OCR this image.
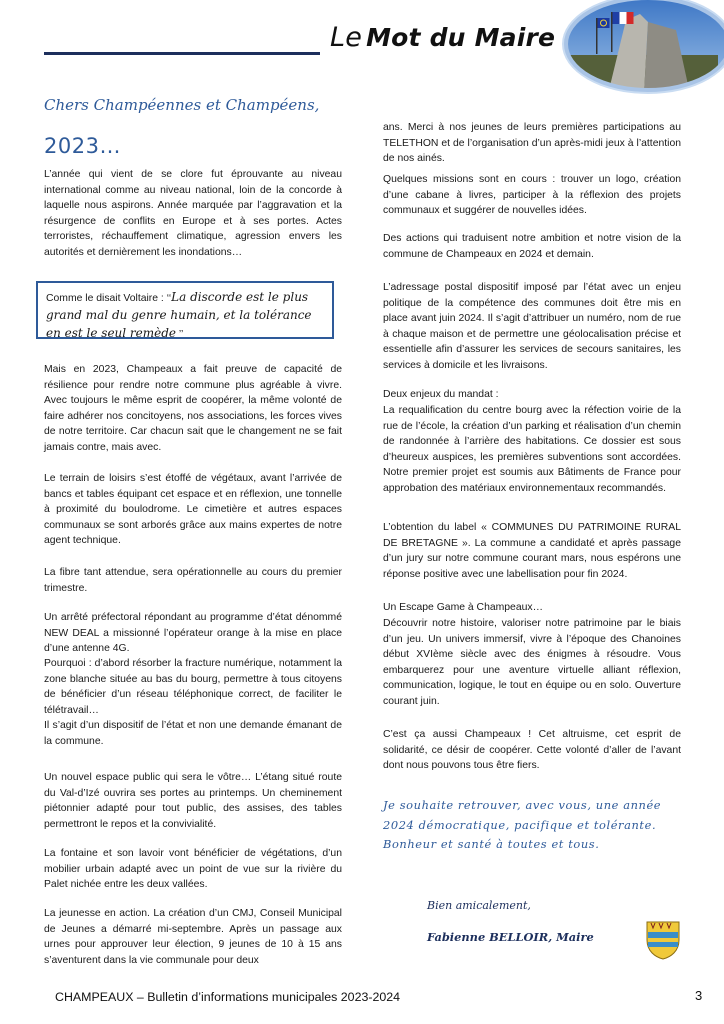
Le Mot du Maire
Chers Champéennes et Champéens,
2023…

L’année qui vient de se clore fut éprouvante au niveau international comme au niveau national, loin de la concorde à laquelle nous aspirons. Année marquée par l’aggravation et la résurgence de conflits en Europe et à ses portes. Actes terroristes, réchauffement climatique, agression envers les autorités et dernièrement les inondations…

Comme le disait Voltaire : ‘‘La discorde est le plus grand mal du genre humain, et la tolérance en est le seul remède ’’

Mais en 2023, Champeaux a fait preuve de capacité de résilience pour rendre notre commune plus agréable à vivre. Avec toujours le même esprit de coopérer, la même volonté de faire adhérer nos concitoyens, nos associations, les forces vives de notre territoire. Car chacun sait que le changement ne se fait jamais contre, mais avec.

Le terrain de loisirs s’est étoffé de végétaux, avant l’arrivée de bancs et tables équipant cet espace et en réflexion, une tonnelle à proximité du boulodrome. Le cimetière et autres espaces communaux se sont arborés grâce aux mains expertes de notre agent technique.

La fibre tant attendue, sera opérationnelle au cours du premier trimestre.

Un arrêté préfectoral répondant au programme d’état dénommé NEW DEAL a missionné l’opérateur orange à la mise en place d’une antenne 4G.

Pourquoi : d’abord résorber la fracture numérique, notamment la zone blanche située au bas du bourg, permettre à tous citoyens de bénéficier d’un réseau téléphonique correct, de faciliter le télétravail…

Il s’agit d’un dispositif de l’état et non une demande émanant de la commune.

Un nouvel espace public qui sera le vôtre… L’étang situé route du Val-d’Izé ouvrira ses portes au printemps. Un cheminement piétonnier adapté pour tout public, des assises, des tables permettront le repos et la convivialité.

La fontaine et son lavoir vont bénéficier de végétations, d’un mobilier urbain adapté avec un point de vue sur la rivière du Palet nichée entre les deux vallées.

La jeunesse en action. La création d’un CMJ, Conseil Municipal de Jeunes a démarré mi-septembre. Après un passage aux urnes pour approuver leur élection, 9 jeunes de 10 à 15 ans s’aventurent dans la vie communale pour deux

ans. Merci à nos jeunes de leurs premières participations au TELETHON et de l’organisation d’un après-midi jeux à l’attention de nos ainés.

Quelques missions sont en cours : trouver un logo, création d’une cabane à livres, participer à la réflexion des projets communaux et suggérer de nouvelles idées.

Des actions qui traduisent notre ambition et notre vision de la commune de Champeaux en 2024 et demain.

L’adressage postal dispositif imposé par l’état avec un enjeu politique de la compétence des communes doit être mis en place avant juin 2024. Il s’agit d’attribuer un numéro, nom de rue à chaque maison et de permettre une géolocalisation précise et essentielle afin d’assurer les services de secours sanitaires, les services à domicile et les livraisons.

Deux enjeux du mandat :

La requalification du centre bourg avec la réfection voirie de la rue de l’école, la création d’un parking et réalisation d’un chemin de randonnée à l’arrière des habitations. Ce dossier est sous d’heureux auspices, les premières subventions sont accordées. Notre premier projet est soumis aux Bâtiments de France pour approbation des matériaux environnementaux recommandés.

L’obtention du label « COMMUNES DU PATRIMOINE RURAL DE BRETAGNE ». La commune a candidaté et après passage d’un jury sur notre commune courant mars, nous espérons une réponse positive avec une labellisation pour fin 2024.

Un Escape Game à Champeaux…

Découvrir notre histoire, valoriser notre patrimoine par le biais d’un jeu. Un univers immersif, vivre à l’époque des Chanoines début XVIème siècle avec des énigmes à résoudre. Vous embarquerez pour une aventure virtuelle alliant réflexion, communication, logique, le tout en équipe ou en solo. Ouverture courant juin.

C’est ça aussi Champeaux ! Cet altruisme, cet esprit de solidarité, ce désir de coopérer. Cette volonté d’aller de l’avant dont nous pouvons tous être fiers.

Je souhaite retrouver, avec vous, une année 2024 démocratique, pacifique et tolérante.
Bonheur et santé à toutes et tous.
Bien amicalement,
Fabienne BELLOIR, Maire
CHAMPEAUX – Bulletin d’informations municipales 2023-2024	3
